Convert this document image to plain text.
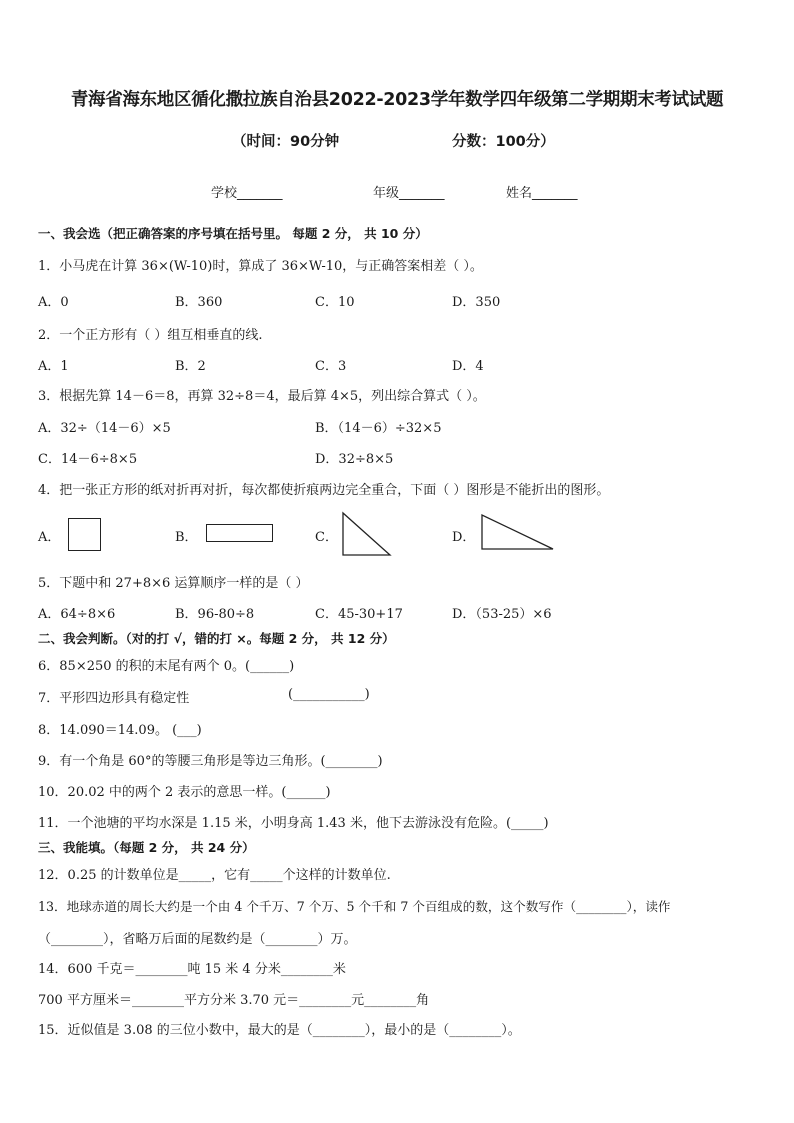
青海省海东地区循化撒拉族自治县2022-2023学年数学四年级第二学期期末考试试题
（时间：90分钟	分数：100分）
学校_______	年级_______	姓名_______
一、我会选（把正确答案的序号填在括号里。 每题 2 分， 共 10 分）
1．小马虎在计算 36×(W-10)时，算成了 36×W-10，与正确答案相差（ ）。
A．0	B．360	C．10	D．350
2．一个正方形有（ ）组互相垂直的线.
A．1	B．2	C．3	D．4
3．根据先算 14－6＝8，再算 32÷8＝4，最后算 4×5，列出综合算式（ ）。
A．32÷（14－6）×5	B．（14－6）÷32×5
C．14－6÷8×5	D．32÷8×5
4．把一张正方形的纸对折再对折，每次都使折痕两边完全重合，下面（ ）图形是不能折出的图形。
A．	B．	C．	D．
5．下题中和 27+8×6 运算顺序一样的是（ ）
A．64÷8×6	B．96-80÷8	C．45-30+17	D．（53-25）×6
二、我会判断。（对的打 √，错的打 ×。每题 2 分， 共 12 分）
6．85×250 的积的末尾有两个 0。(______)
7．平形四边形具有稳定性	(___________)
8．14.090＝14.09。 (___)
9．有一个角是 60°的等腰三角形是等边三角形。(________)
10．20.02 中的两个 2 表示的意思一样。(______)
11．一个池塘的平均水深是 1.15 米，小明身高 1.43 米，他下去游泳没有危险。(_____)
三、我能填。（每题 2 分， 共 24 分）
12．0.25 的计数单位是_____，它有_____个这样的计数单位.
13．地球赤道的周长大约是一个由 4 个千万、7 个万、5 个千和 7 个百组成的数，这个数写作（________），读作
（________），省略万后面的尾数约是（________）万。
14．600 千克＝________吨 15 米 4 分米________米
700 平方厘米＝________平方分米 3.70 元＝________元________角
15．近似值是 3.08 的三位小数中，最大的是（________），最小的是（________）。
